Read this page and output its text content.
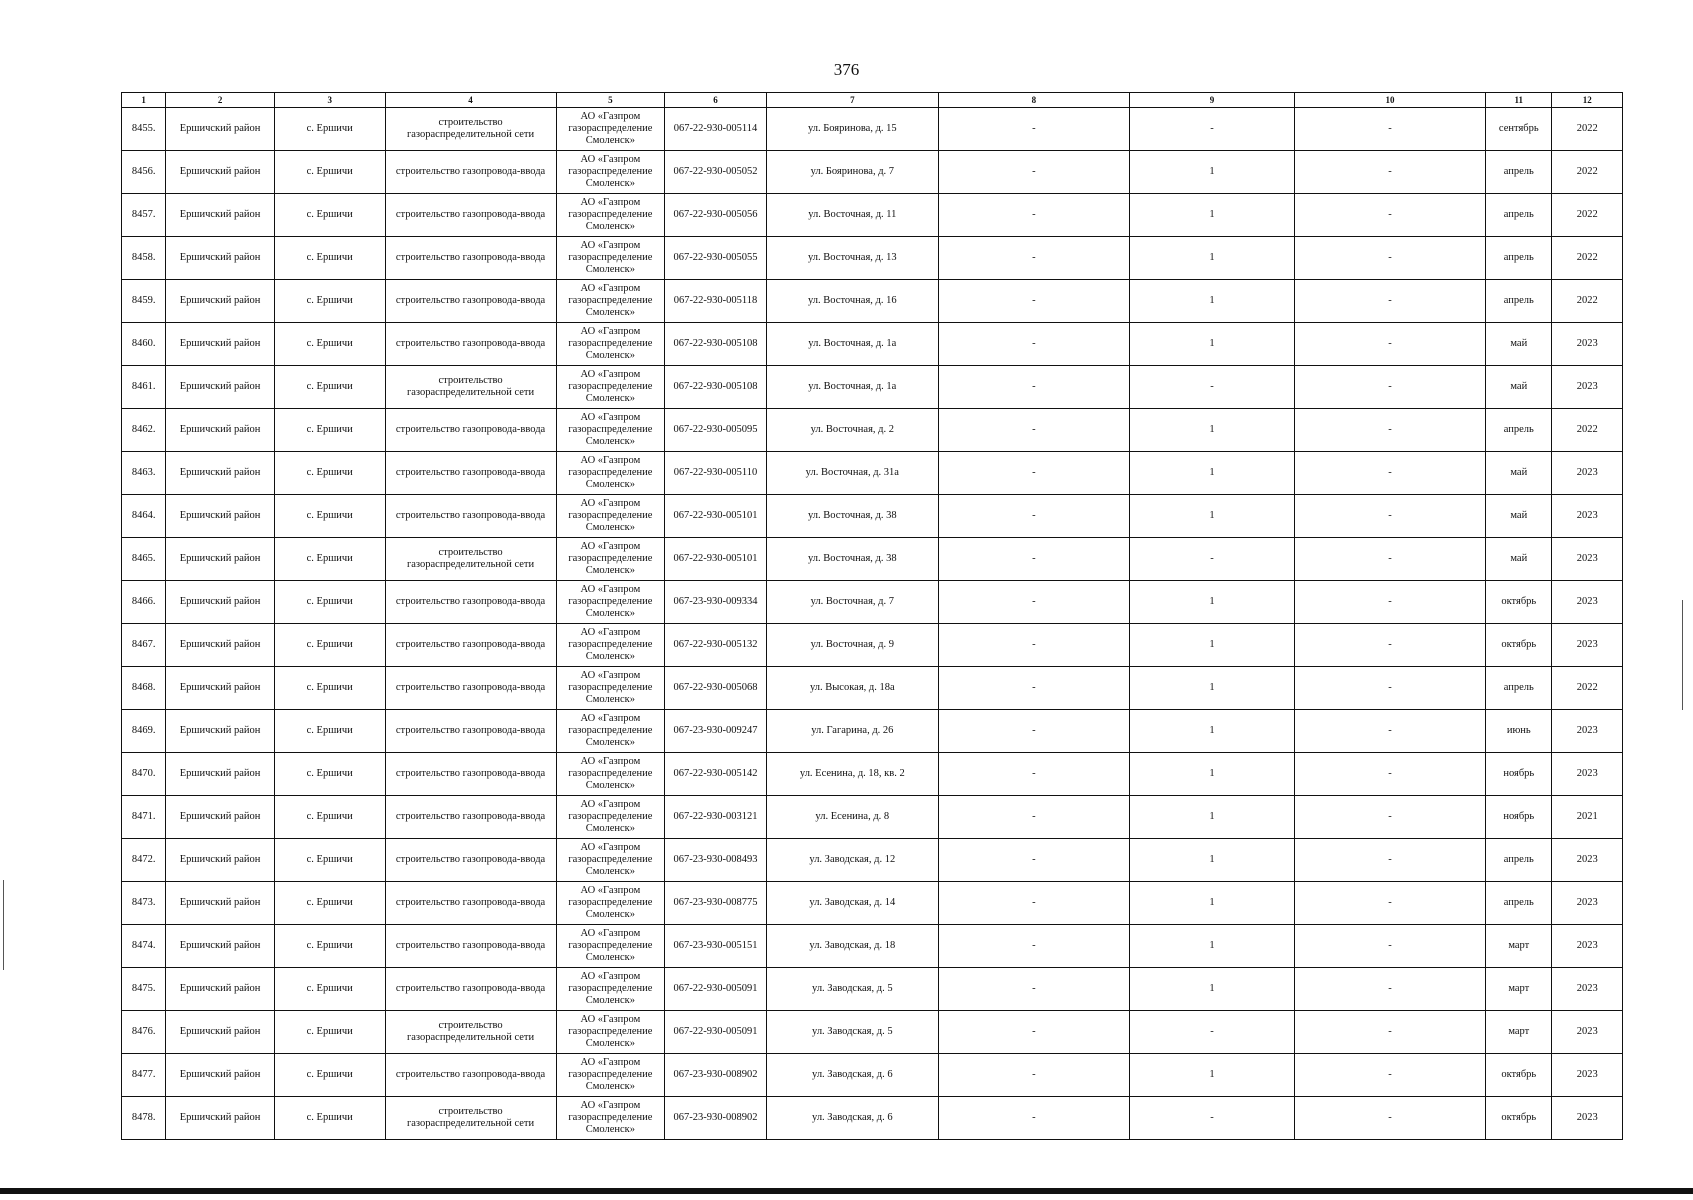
376
1	2	3	4	5	6	7	8	9	10	11	12
8455.	Ершичский район	с. Ершичи	строительство газораспределительной сети	АО «Газпром газораспределение Смоленск»	067-22-930-005114	ул. Бояринова, д. 15	-	-	-	сентябрь	2022
8456.	Ершичский район	с. Ершичи	строительство газопровода-ввода	АО «Газпром газораспределение Смоленск»	067-22-930-005052	ул. Бояринова, д. 7	-	1	-	апрель	2022
8457.	Ершичский район	с. Ершичи	строительство газопровода-ввода	АО «Газпром газораспределение Смоленск»	067-22-930-005056	ул. Восточная, д. 11	-	1	-	апрель	2022
8458.	Ершичский район	с. Ершичи	строительство газопровода-ввода	АО «Газпром газораспределение Смоленск»	067-22-930-005055	ул. Восточная, д. 13	-	1	-	апрель	2022
8459.	Ершичский район	с. Ершичи	строительство газопровода-ввода	АО «Газпром газораспределение Смоленск»	067-22-930-005118	ул. Восточная, д. 16	-	1	-	апрель	2022
8460.	Ершичский район	с. Ершичи	строительство газопровода-ввода	АО «Газпром газораспределение Смоленск»	067-22-930-005108	ул. Восточная, д. 1а	-	1	-	май	2023
8461.	Ершичский район	с. Ершичи	строительство газораспределительной сети	АО «Газпром газораспределение Смоленск»	067-22-930-005108	ул. Восточная, д. 1а	-	-	-	май	2023
8462.	Ершичский район	с. Ершичи	строительство газопровода-ввода	АО «Газпром газораспределение Смоленск»	067-22-930-005095	ул. Восточная, д. 2	-	1	-	апрель	2022
8463.	Ершичский район	с. Ершичи	строительство газопровода-ввода	АО «Газпром газораспределение Смоленск»	067-22-930-005110	ул. Восточная, д. 31а	-	1	-	май	2023
8464.	Ершичский район	с. Ершичи	строительство газопровода-ввода	АО «Газпром газораспределение Смоленск»	067-22-930-005101	ул. Восточная, д. 38	-	1	-	май	2023
8465.	Ершичский район	с. Ершичи	строительство газораспределительной сети	АО «Газпром газораспределение Смоленск»	067-22-930-005101	ул. Восточная, д. 38	-	-	-	май	2023
8466.	Ершичский район	с. Ершичи	строительство газопровода-ввода	АО «Газпром газораспределение Смоленск»	067-23-930-009334	ул. Восточная, д. 7	-	1	-	октябрь	2023
8467.	Ершичский район	с. Ершичи	строительство газопровода-ввода	АО «Газпром газораспределение Смоленск»	067-22-930-005132	ул. Восточная, д. 9	-	1	-	октябрь	2023
8468.	Ершичский район	с. Ершичи	строительство газопровода-ввода	АО «Газпром газораспределение Смоленск»	067-22-930-005068	ул. Высокая, д. 18а	-	1	-	апрель	2022
8469.	Ершичский район	с. Ершичи	строительство газопровода-ввода	АО «Газпром газораспределение Смоленск»	067-23-930-009247	ул. Гагарина, д. 26	-	1	-	июнь	2023
8470.	Ершичский район	с. Ершичи	строительство газопровода-ввода	АО «Газпром газораспределение Смоленск»	067-22-930-005142	ул. Есенина, д. 18, кв. 2	-	1	-	ноябрь	2023
8471.	Ершичский район	с. Ершичи	строительство газопровода-ввода	АО «Газпром газораспределение Смоленск»	067-22-930-003121	ул. Есенина, д. 8	-	1	-	ноябрь	2021
8472.	Ершичский район	с. Ершичи	строительство газопровода-ввода	АО «Газпром газораспределение Смоленск»	067-23-930-008493	ул. Заводская, д. 12	-	1	-	апрель	2023
8473.	Ершичский район	с. Ершичи	строительство газопровода-ввода	АО «Газпром газораспределение Смоленск»	067-23-930-008775	ул. Заводская, д. 14	-	1	-	апрель	2023
8474.	Ершичский район	с. Ершичи	строительство газопровода-ввода	АО «Газпром газораспределение Смоленск»	067-23-930-005151	ул. Заводская, д. 18	-	1	-	март	2023
8475.	Ершичский район	с. Ершичи	строительство газопровода-ввода	АО «Газпром газораспределение Смоленск»	067-22-930-005091	ул. Заводская, д. 5	-	1	-	март	2023
8476.	Ершичский район	с. Ершичи	строительство газораспределительной сети	АО «Газпром газораспределение Смоленск»	067-22-930-005091	ул. Заводская, д. 5	-	-	-	март	2023
8477.	Ершичский район	с. Ершичи	строительство газопровода-ввода	АО «Газпром газораспределение Смоленск»	067-23-930-008902	ул. Заводская, д. 6	-	1	-	октябрь	2023
8478.	Ершичский район	с. Ершичи	строительство газораспределительной сети	АО «Газпром газораспределение Смоленск»	067-23-930-008902	ул. Заводская, д. 6	-	-	-	октябрь	2023
